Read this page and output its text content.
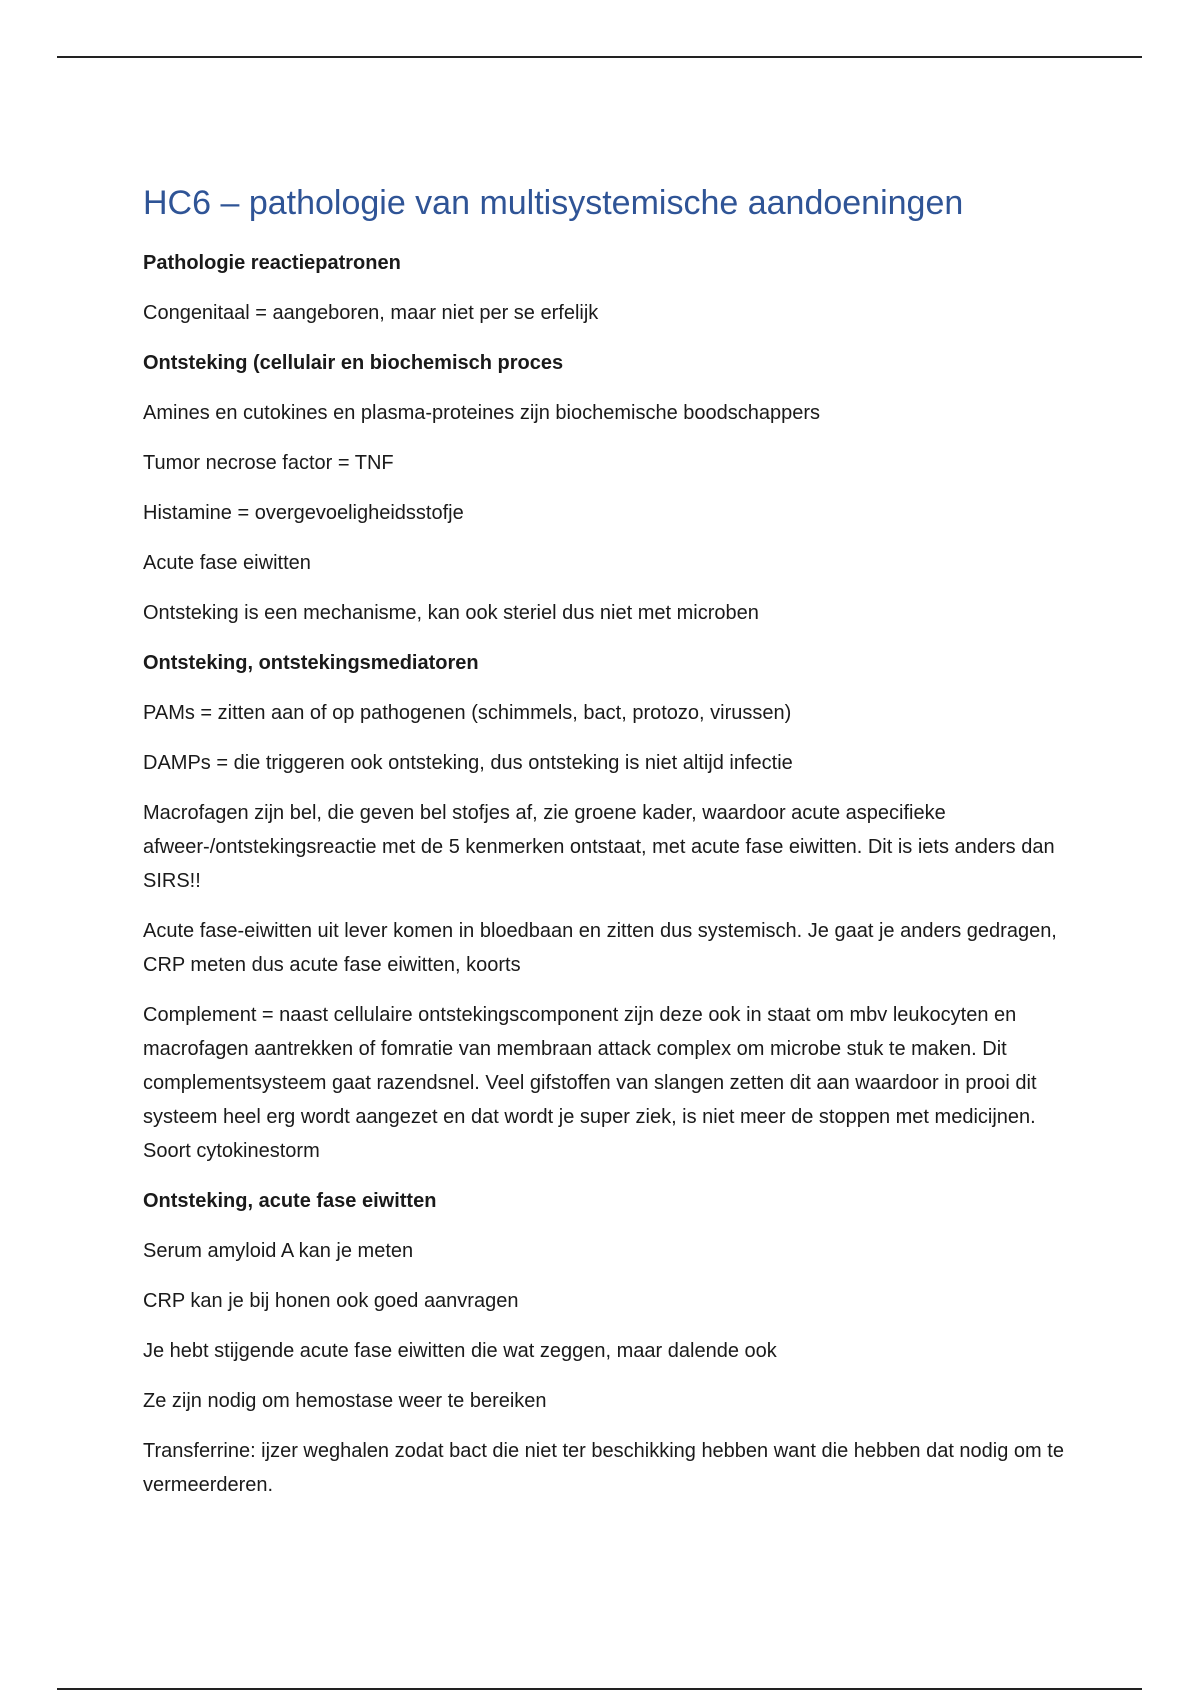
HC6 – pathologie van multisystemische aandoeningen

Pathologie reactiepatronen

Congenitaal = aangeboren, maar niet per se erfelijk

Ontsteking (cellulair en biochemisch proces

Amines en cutokines en plasma-proteines zijn biochemische boodschappers

Tumor necrose factor = TNF

Histamine = overgevoeligheidsstofje

Acute fase eiwitten

Ontsteking is een mechanisme, kan ook steriel dus niet met microben

Ontsteking, ontstekingsmediatoren

PAMs = zitten aan of op pathogenen (schimmels, bact, protozo, virussen)

DAMPs = die triggeren ook ontsteking, dus ontsteking is niet altijd infectie

Macrofagen zijn bel, die geven bel stofjes af, zie groene kader, waardoor acute aspecifieke afweer-/ontstekingsreactie met de 5 kenmerken ontstaat, met acute fase eiwitten. Dit is iets anders dan SIRS!!

Acute fase-eiwitten uit lever komen in bloedbaan en zitten dus systemisch. Je gaat je anders gedragen, CRP meten dus acute fase eiwitten, koorts

Complement = naast cellulaire ontstekingscomponent zijn deze ook in staat om mbv leukocyten en macrofagen aantrekken of fomratie van membraan attack complex om microbe stuk te maken. Dit complementsysteem gaat razendsnel. Veel gifstoffen van slangen zetten dit aan waardoor in prooi dit systeem heel erg wordt aangezet en dat wordt je super ziek, is niet meer de stoppen met medicijnen. Soort cytokinestorm

Ontsteking, acute fase eiwitten

Serum amyloid A kan je meten

CRP kan je bij honen ook goed aanvragen

Je hebt stijgende acute fase eiwitten die wat zeggen, maar dalende ook

Ze zijn nodig om hemostase weer te bereiken

Transferrine: ijzer weghalen zodat bact die niet ter beschikking hebben want die hebben dat nodig om te vermeerderen.
